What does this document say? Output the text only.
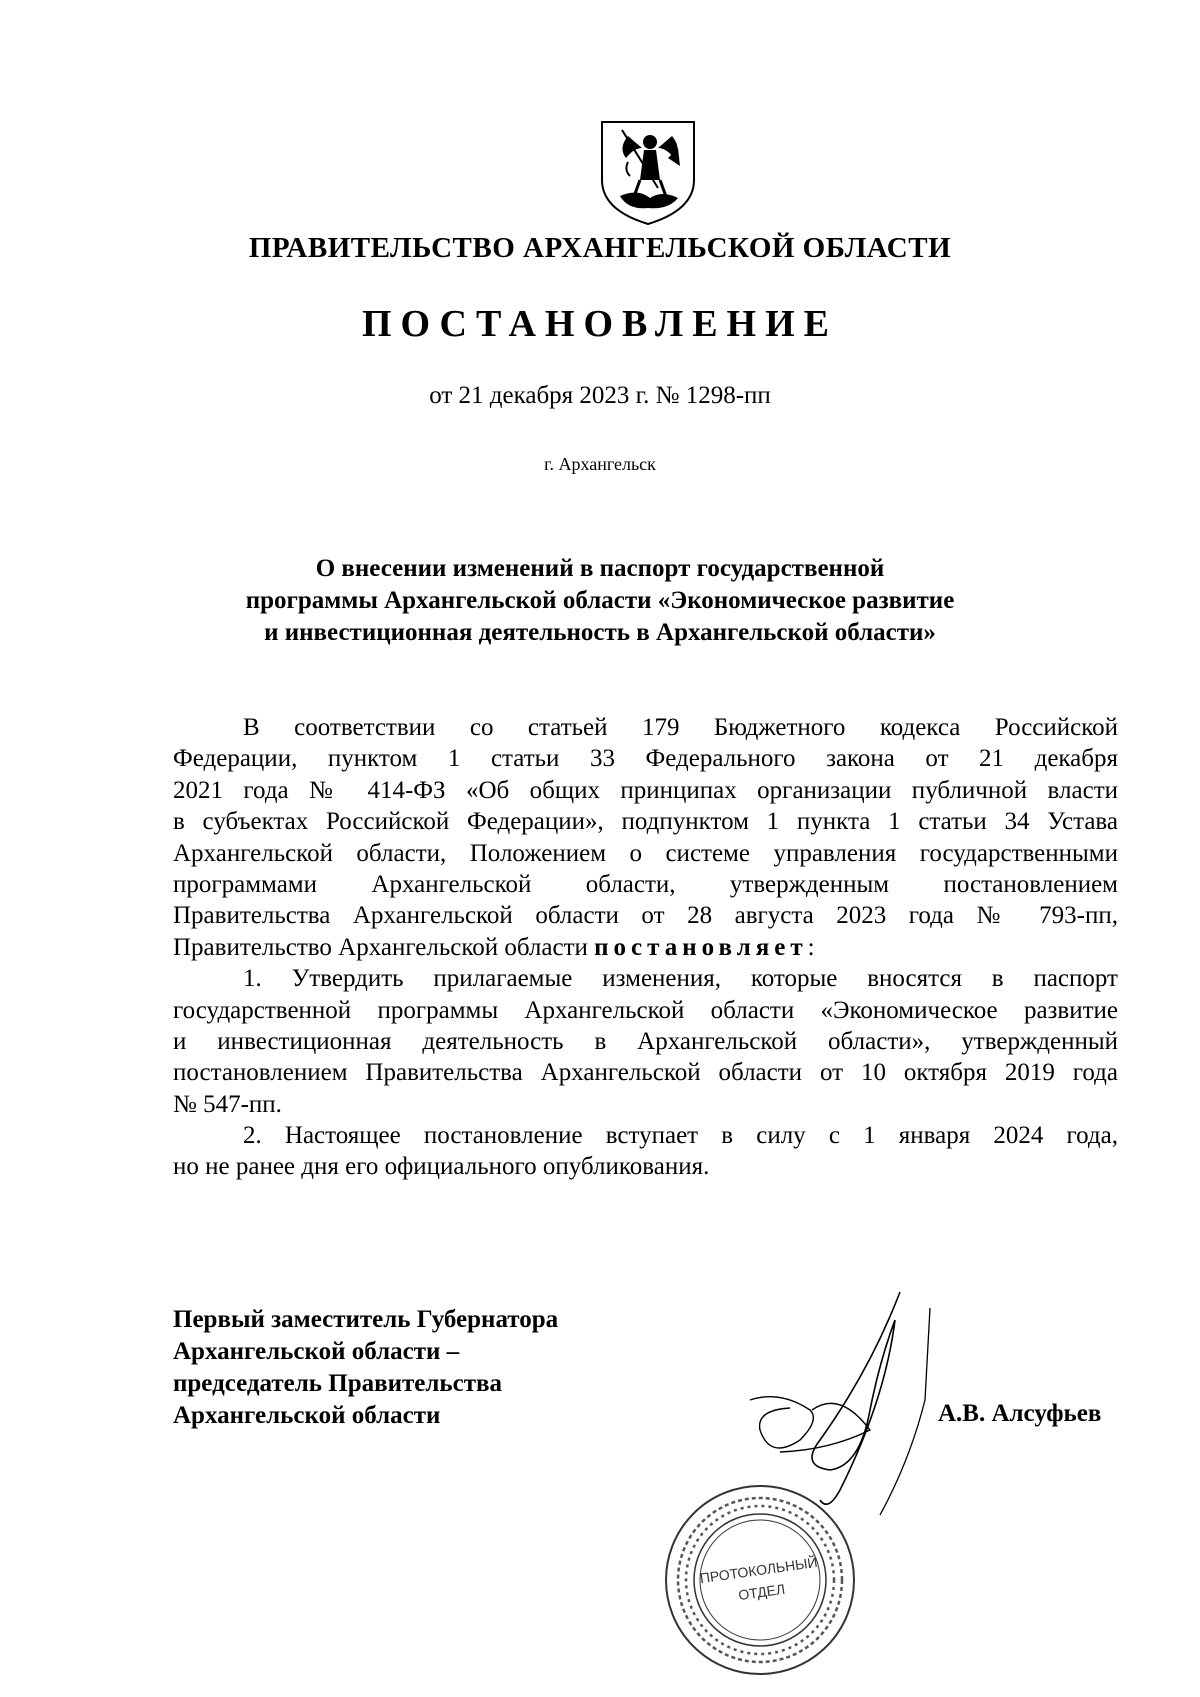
ПРАВИТЕЛЬСТВО АРХАНГЕЛЬСКОЙ ОБЛАСТИ
ПОСТАНОВЛЕНИЕ
от 21 декабря 2023 г. № 1298-пп
г. Архангельск
О внесении изменений в паспорт государственной
программы Архангельской области «Экономическое развитие
и инвестиционная деятельность в Архангельской области»
В соответствии со статьей 179 Бюджетного кодекса Российской
Федерации, пунктом 1 статьи 33 Федерального закона от 21 декабря
2021 года № 414-ФЗ «Об общих принципах организации публичной власти
в субъектах Российской Федерации», подпунктом 1 пункта 1 статьи 34 Устава
Архангельской области, Положением о системе управления государственными
программами Архангельской области, утвержденным постановлением
Правительства Архангельской области от 28 августа 2023 года № 793-пп,
Правительство Архангельской области постановляет:
1. Утвердить прилагаемые изменения, которые вносятся в паспорт
государственной программы Архангельской области «Экономическое развитие
и инвестиционная деятельность в Архангельской области», утвержденный
постановлением Правительства Архангельской области от 10 октября 2019 года
№ 547-пп.
2. Настоящее постановление вступает в силу с 1 января 2024 года,
но не ранее дня его официального опубликования.
Первый заместитель Губернатора
Архангельской области –
председатель Правительства
Архангельской области	А.В. Алсуфьев
ПРОТОКОЛЬНЫЙ
ОТДЕЛ
